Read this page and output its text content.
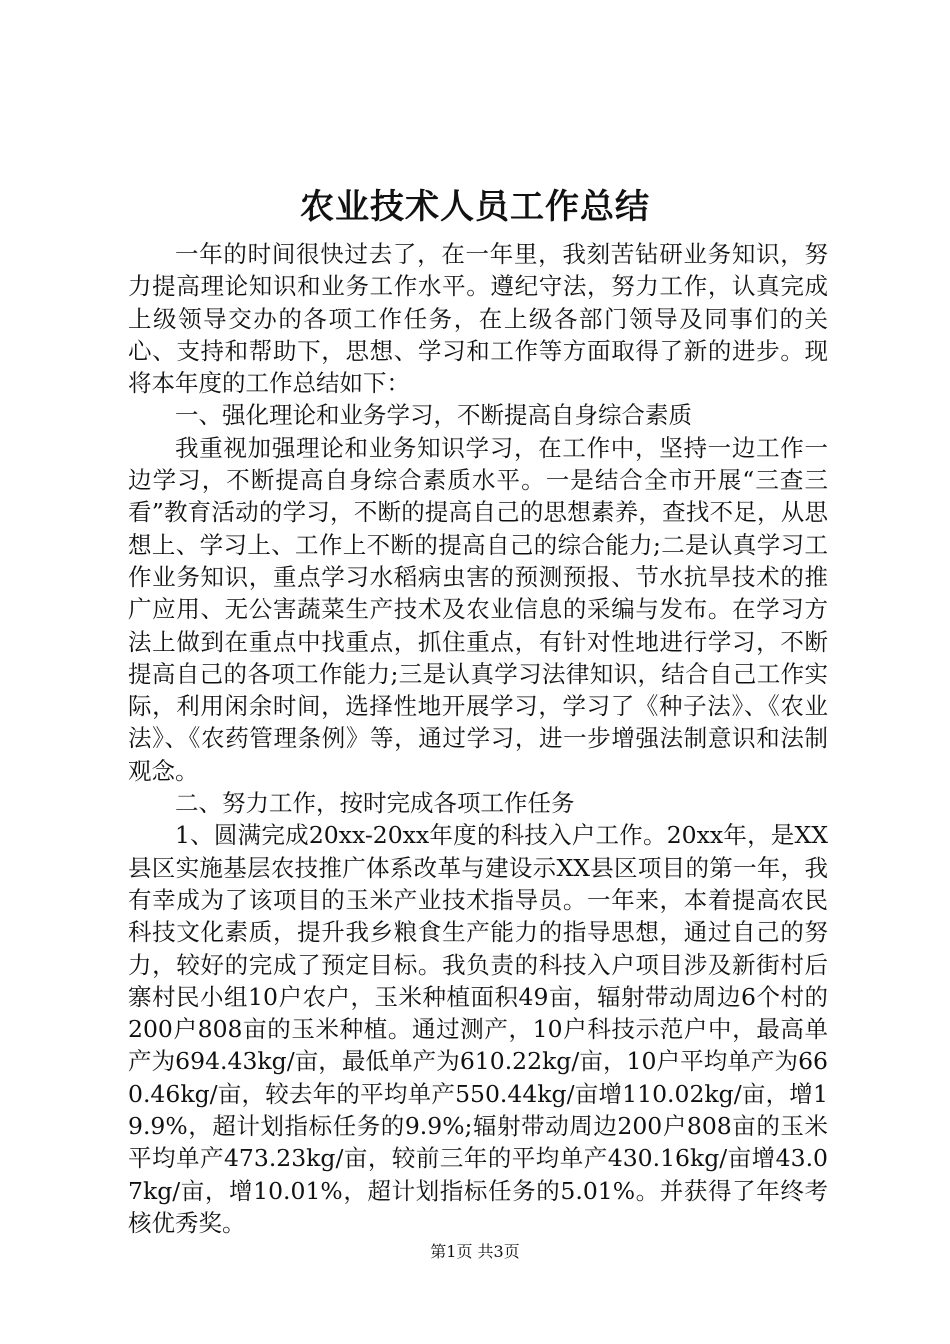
农业技术人员工作总结

一年的时间很快过去了，在一年里，我刻苦钻研业务知识，努力提高理论知识和业务工作水平。遵纪守法，努力工作，认真完成上级领导交办的各项工作任务，在上级各部门领导及同事们的关心、支持和帮助下，思想、学习和工作等方面取得了新的进步。现将本年度的工作总结如下：

一、强化理论和业务学习，不断提高自身综合素质

我重视加强理论和业务知识学习，在工作中，坚持一边工作一边学习，不断提高自身综合素质水平。一是结合全市开展“三查三看”教育活动的学习，不断的提高自己的思想素养，查找不足，从思想上、学习上、工作上不断的提高自己的综合能力;二是认真学习工作业务知识，重点学习水稻病虫害的预测预报、节水抗旱技术的推广应用、无公害蔬菜生产技术及农业信息的采编与发布。在学习方法上做到在重点中找重点，抓住重点，有针对性地进行学习，不断提高自己的各项工作能力;三是认真学习法律知识，结合自己工作实际，利用闲余时间，选择性地开展学习，学习了《种子法》、《农业法》、《农药管理条例》等，通过学习，进一步增强法制意识和法制观念。

二、努力工作，按时完成各项工作任务

1、圆满完成20xx-20xx年度的科技入户工作。20xx年，是XX县区实施基层农技推广体系改革与建设示XX县区项目的第一年，我有幸成为了该项目的玉米产业技术指导员。一年来，本着提高农民科技文化素质，提升我乡粮食生产能力的指导思想，通过自己的努力，较好的完成了预定目标。我负责的科技入户项目涉及新街村后寨村民小组10户农户，玉米种植面积49亩，辐射带动周边6个村的200户808亩的玉米种植。通过测产，10户科技示范户中，最高单产为694.43kg/亩，最低单产为610.22kg/亩，10户平均单产为660.46kg/亩，较去年的平均单产550.44kg/亩增110.02kg/亩，增19.9%，超计划指标任务的9.9%;辐射带动周边200户808亩的玉米平均单产473.23kg/亩，较前三年的平均单产430.16kg/亩增43.07kg/亩，增10.01%，超计划指标任务的5.01%。并获得了年终考核优秀奖。

第1页 共3页
